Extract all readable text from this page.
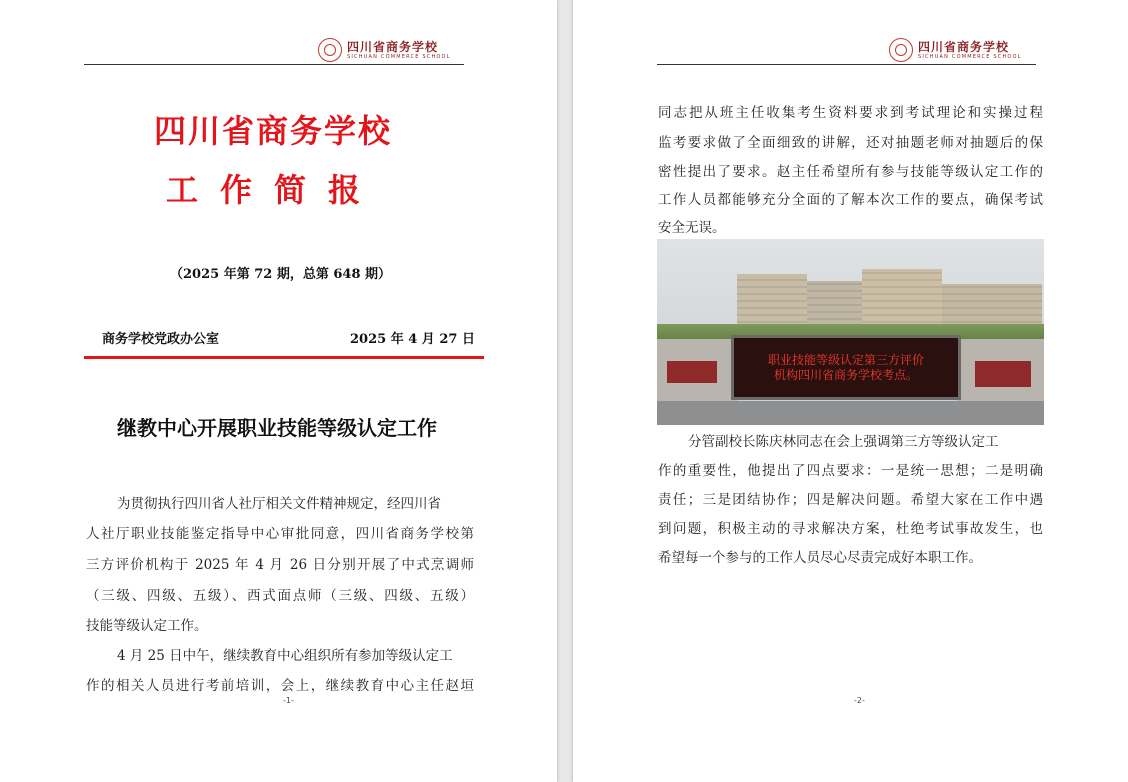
四川省商务学校
SICHUAN COMMERCE SCHOOL
四川省商务学校
工作简报
（2025 年第 72 期，总第 648 期）
商务学校党政办公室	2025 年 4 月 27 日
继教中心开展职业技能等级认定工作
为贯彻执行四川省人社厅相关文件精神规定，经四川省
人社厅职业技能鉴定指导中心审批同意，四川省商务学校第
三方评价机构于 2025 年 4 月 26 日分别开展了中式烹调师
（三级、四级、五级）、西式面点师（三级、四级、五级）
技能等级认定工作。
4 月 25 日中午，继续教育中心组织所有参加等级认定工
作的相关人员进行考前培训，会上，继续教育中心主任赵垣
-1-
四川省商务学校
SICHUAN COMMERCE SCHOOL
同志把从班主任收集考生资料要求到考试理论和实操过程
监考要求做了全面细致的讲解，还对抽题老师对抽题后的保
密性提出了要求。赵主任希望所有参与技能等级认定工作的
工作人员都能够充分全面的了解本次工作的要点，确保考试
安全无误。
分管副校长陈庆林同志在会上强调第三方等级认定工
作的重要性，他提出了四点要求：一是统一思想；二是明确
责任；三是团结协作；四是解决问题。希望大家在工作中遇
到问题，积极主动的寻求解决方案，杜绝考试事故发生，也
希望每一个参与的工作人员尽心尽责完成好本职工作。
-2-
职业技能等级认定第三方评价
机构四川省商务学校考点。
